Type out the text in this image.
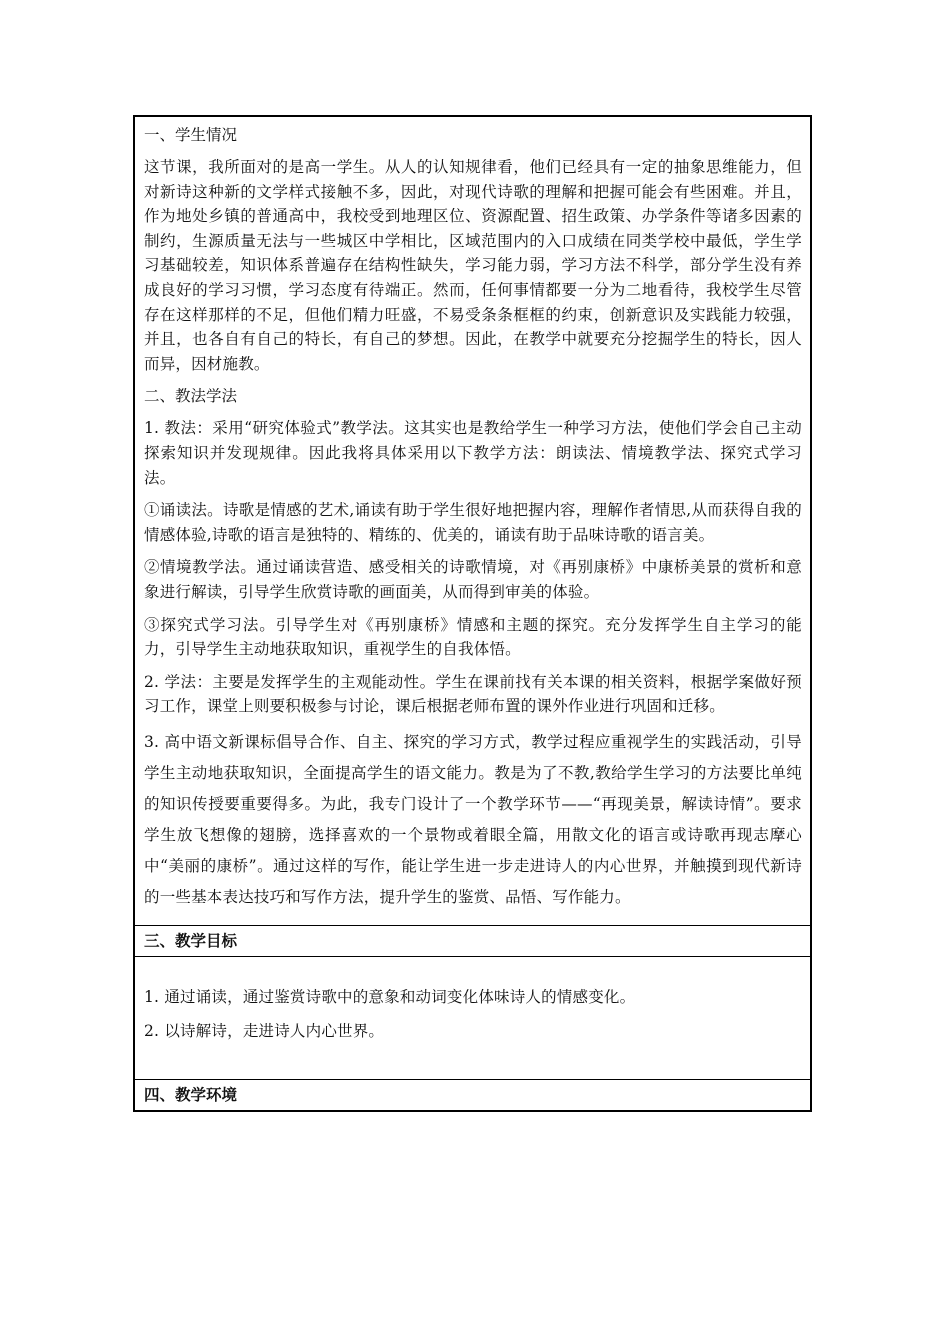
一、学生情况

这节课，我所面对的是高一学生。从人的认知规律看，他们已经具有一定的抽象思维能力，但对新诗这种新的文学样式接触不多，因此，对现代诗歌的理解和把握可能会有些困难。并且，作为地处乡镇的普通高中，我校受到地理区位、资源配置、招生政策、办学条件等诸多因素的制约，生源质量无法与一些城区中学相比，区域范围内的入口成绩在同类学校中最低，学生学习基础较差，知识体系普遍存在结构性缺失，学习能力弱，学习方法不科学，部分学生没有养成良好的学习习惯，学习态度有待端正。然而，任何事情都要一分为二地看待，我校学生尽管存在这样那样的不足，但他们精力旺盛，不易受条条框框的约束，创新意识及实践能力较强，并且，也各自有自己的特长，有自己的梦想。因此，在教学中就要充分挖掘学生的特长，因人而异，因材施教。

二、教法学法

1. 教法：采用“研究体验式”教学法。这其实也是教给学生一种学习方法，使他们学会自己主动探索知识并发现规律。因此我将具体采用以下教学方法：朗读法、情境教学法、探究式学习法。

①诵读法。诗歌是情感的艺术,诵读有助于学生很好地把握内容，理解作者情思,从而获得自我的情感体验,诗歌的语言是独特的、精练的、优美的，诵读有助于品味诗歌的语言美。

②情境教学法。通过诵读营造、感受相关的诗歌情境，对《再别康桥》中康桥美景的赏析和意象进行解读，引导学生欣赏诗歌的画面美，从而得到审美的体验。

③探究式学习法。引导学生对《再别康桥》情感和主题的探究。充分发挥学生自主学习的能力，引导学生主动地获取知识，重视学生的自我体悟。

2. 学法：主要是发挥学生的主观能动性。学生在课前找有关本课的相关资料，根据学案做好预习工作，课堂上则要积极参与讨论，课后根据老师布置的课外作业进行巩固和迁移。

3. 高中语文新课标倡导合作、自主、探究的学习方式，教学过程应重视学生的实践活动，引导学生主动地获取知识，全面提高学生的语文能力。教是为了不教,教给学生学习的方法要比单纯的知识传授要重要得多。为此，我专门设计了一个教学环节——“再现美景，解读诗情”。要求学生放飞想像的翅膀，选择喜欢的一个景物或着眼全篇，用散文化的语言或诗歌再现志摩心中“美丽的康桥”。通过这样的写作，能让学生进一步走进诗人的内心世界，并触摸到现代新诗的一些基本表达技巧和写作方法，提升学生的鉴赏、品悟、写作能力。

三、教学目标

1. 通过诵读，通过鉴赏诗歌中的意象和动词变化体味诗人的情感变化。

2. 以诗解诗，走进诗人内心世界。

四、教学环境
